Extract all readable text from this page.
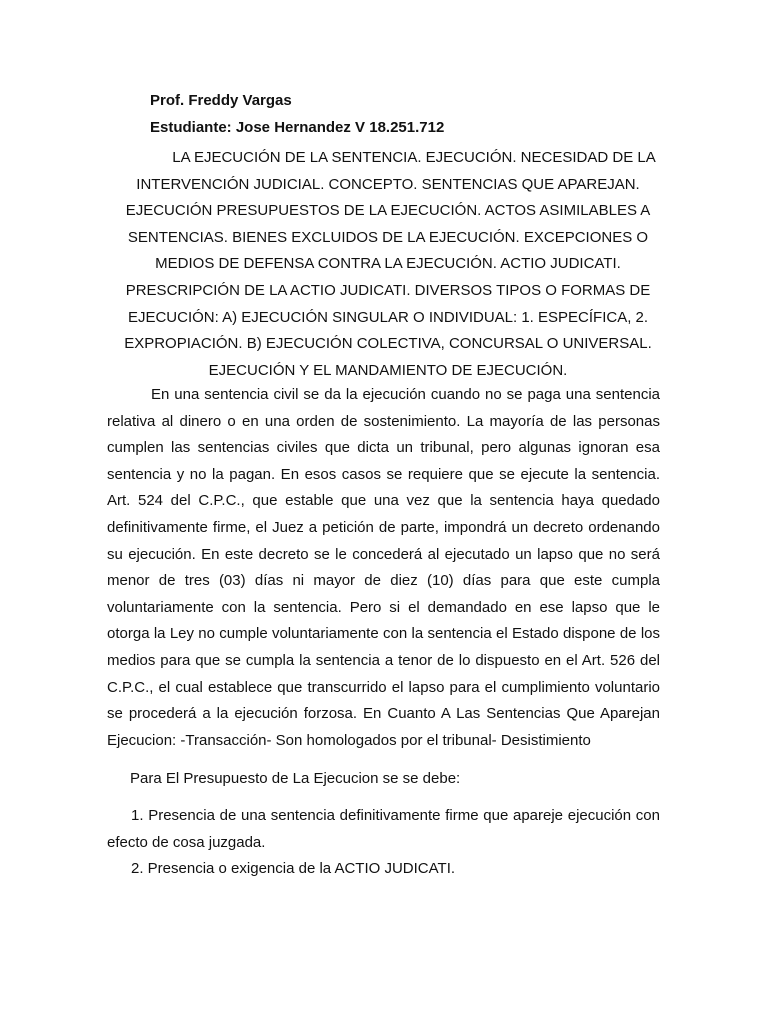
Prof. Freddy Vargas
Estudiante: Jose Hernandez V 18.251.712
LA EJECUCIÓN DE LA SENTENCIA. EJECUCIÓN. NECESIDAD DE LA
INTERVENCIÓN JUDICIAL. CONCEPTO. SENTENCIAS QUE APAREJAN.
EJECUCIÓN PRESUPUESTOS DE LA EJECUCIÓN. ACTOS ASIMILABLES A
SENTENCIAS. BIENES EXCLUIDOS DE LA EJECUCIÓN. EXCEPCIONES O
MEDIOS DE DEFENSA CONTRA LA EJECUCIÓN. ACTIO JUDICATI.
PRESCRIPCIÓN DE LA ACTIO JUDICATI. DIVERSOS TIPOS O FORMAS DE
EJECUCIÓN: A) EJECUCIÓN SINGULAR O INDIVIDUAL: 1. ESPECÍFICA, 2.
EXPROPIACIÓN. B) EJECUCIÓN COLECTIVA, CONCURSAL O UNIVERSAL.
EJECUCIÓN Y EL MANDAMIENTO DE EJECUCIÓN.
En una sentencia civil se da la ejecución cuando no se paga una sentencia
relativa al dinero o en una orden de sostenimiento. La mayoría de las personas
cumplen las sentencias civiles que dicta un tribunal, pero algunas ignoran esa
sentencia y no la pagan. En esos casos se requiere que se ejecute la sentencia.
Art. 524 del C.P.C., que estable que una vez que la sentencia haya quedado
definitivamente firme, el Juez a petición de parte, impondrá un decreto ordenando
su ejecución. En este decreto se le concederá al ejecutado un lapso que no será
menor de tres (03) días ni mayor de diez (10) días para que este cumpla
voluntariamente con la sentencia. Pero si el demandado en ese lapso que le
otorga la Ley no cumple voluntariamente con la sentencia el Estado dispone de los
medios para que se cumpla la sentencia a tenor de lo dispuesto en el Art. 526 del
C.P.C., el cual establece que transcurrido el lapso para el cumplimiento voluntario
se procederá a la ejecución forzosa. En Cuanto A Las Sentencias Que Aparejan
Ejecucion: -Transacción- Son homologados por el tribunal- Desistimiento
Para El Presupuesto de La Ejecucion se se debe:
1. Presencia de una sentencia definitivamente firme que apareje ejecución con
efecto de cosa juzgada.
2. Presencia o exigencia de la ACTIO JUDICATI.
